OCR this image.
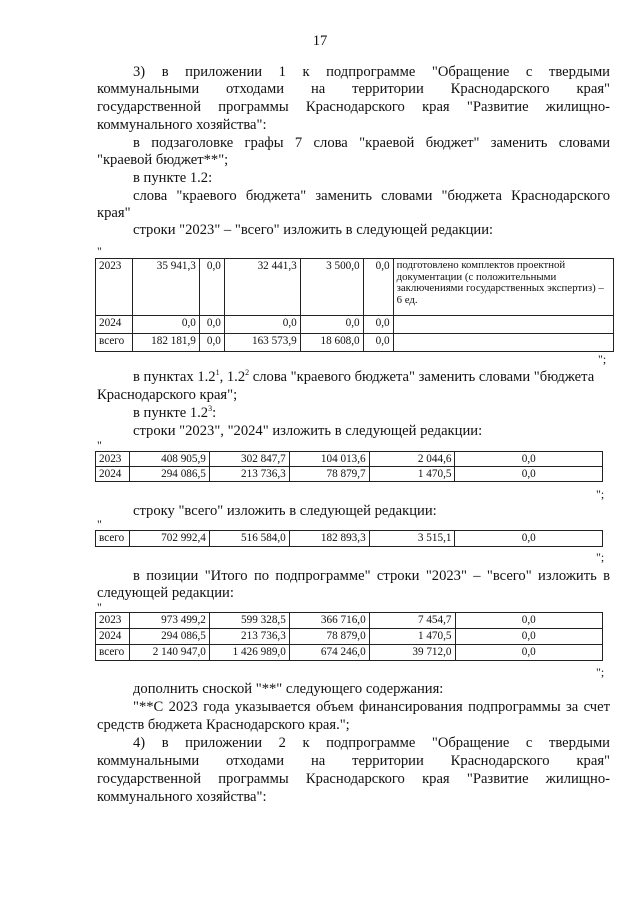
17
3) в приложении 1 к подпрограмме "Обращение с твердыми
коммунальными отходами на территории Краснодарского края"
государственной программы Краснодарского края "Развитие жилищно-
коммунального хозяйства":
в подзаголовке графы 7 слова "краевой бюджет" заменить словами
"краевой бюджет**";
в пункте 1.2:
слова "краевого бюджета" заменить словами "бюджета Краснодарского
края"
строки "2023" – "всего" изложить в следующей редакции:
"
2023	35 941,3	0,0	32 441,3	3 500,0	0,0	подготовлено комплектов проектной документации (с положительными заключениями государственных экспертиз) – 6 ед.
2024	0,0	0,0	0,0	0,0	0,0	
всего	182 181,9	0,0	163 573,9	18 608,0	0,0	
";
в пунктах $1.2^1$, $1.2^2$ слова "краевого бюджета" заменить словами "бюджета
Краснодарского края";
в пункте $1.2^3$:
строки "2023", "2024" изложить в следующей редакции:
"
2023	408 905,9	302 847,7	104 013,6	2 044,6	0,0
2024	294 086,5	213 736,3	78 879,7	1 470,5	0,0
";
строку "всего" изложить в следующей редакции:
"
всего	702 992,4	516 584,0	182 893,3	3 515,1	0,0
";
в позиции "Итого по подпрограмме" строки "2023" – "всего" изложить в
следующей редакции:
"
2023	973 499,2	599 328,5	366 716,0	7 454,7	0,0
2024	294 086,5	213 736,3	78 879,0	1 470,5	0,0
всего	2 140 947,0	1 426 989,0	674 246,0	39 712,0	0,0
";
дополнить сноской "**" следующего содержания:
"**С 2023 года указывается объем финансирования подпрограммы за счет
средств бюджета Краснодарского края.";
4) в приложении 2 к подпрограмме "Обращение с твердыми
коммунальными отходами на территории Краснодарского края"
государственной программы Краснодарского края "Развитие жилищно-
коммунального хозяйства":
